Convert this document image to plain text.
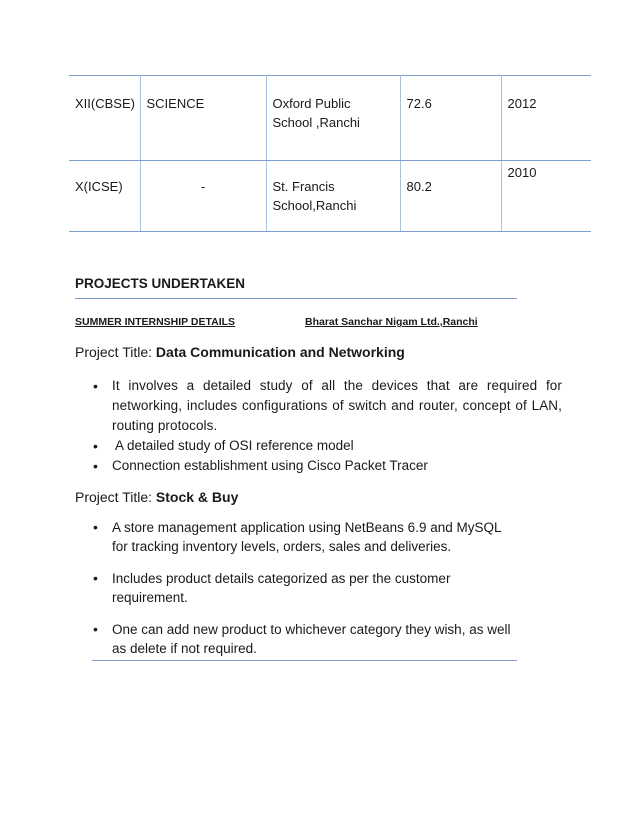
XII(CBSE)	SCIENCE	Oxford Public School ,Ranchi	72.6	2012
X(ICSE)	-	St. Francis School,Ranchi	80.2	2010
PROJECTS UNDERTAKEN
SUMMER INTERNSHIP DETAILS	Bharat Sanchar Nigam Ltd.,Ranchi
Project Title: Data Communication and Networking
• It involves a detailed study of all the devices that are required for networking, includes configurations of switch and router, concept of LAN, routing protocols.
•  A detailed study of OSI reference model
• Connection establishment using Cisco Packet Tracer
Project Title: Stock & Buy
• A store management application using NetBeans 6.9 and MySQL for tracking inventory levels, orders, sales and deliveries.
• Includes product details categorized as per the customer requirement.
• One can add new product to whichever category they wish, as well as delete if not required.
